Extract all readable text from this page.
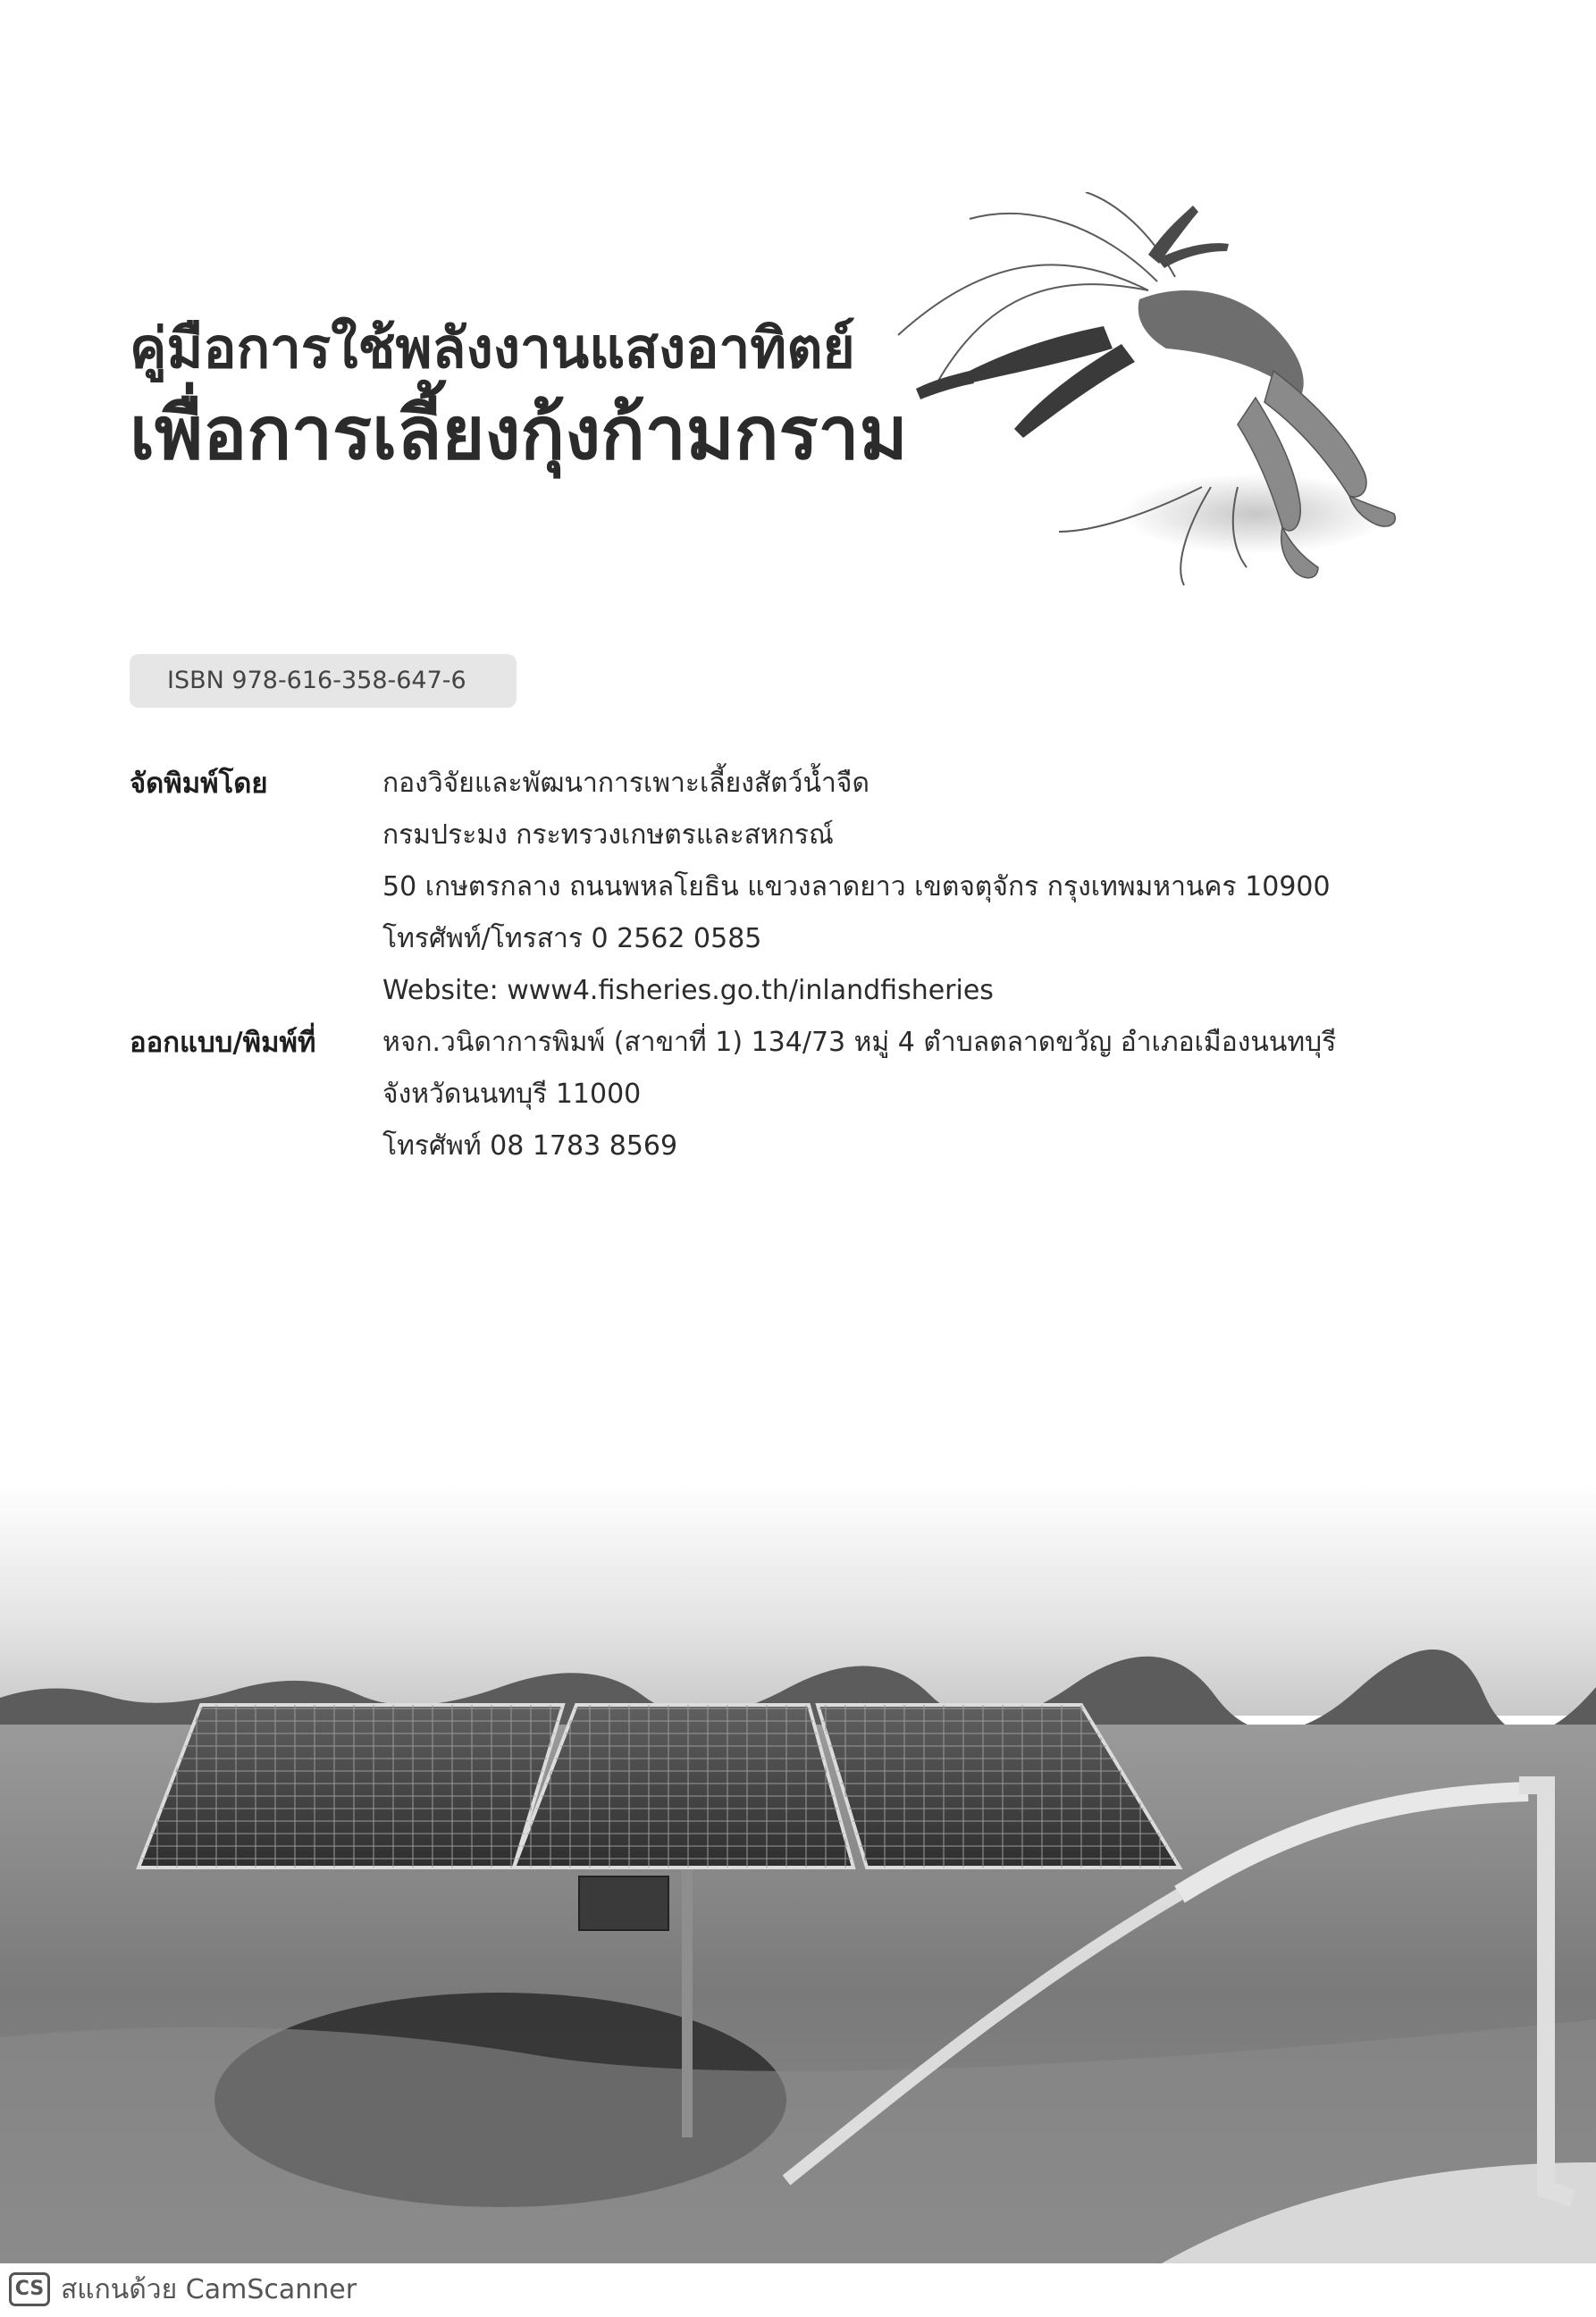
คู่มือการใช้พลังงานแสงอาทิตย์
เพื่อการเลี้ยงกุ้งก้ามกราม
ISBN 978-616-358-647-6
จัดพิมพ์โดย	กองวิจัยและพัฒนาการเพาะเลี้ยงสัตว์น้ำจืด
กรมประมง กระทรวงเกษตรและสหกรณ์
50 เกษตรกลาง ถนนพหลโยธิน แขวงลาดยาว เขตจตุจักร กรุงเทพมหานคร 10900
โทรศัพท์/โทรสาร 0 2562 0585
Website: www4.fisheries.go.th/inlandfisheries
ออกแบบ/พิมพ์ที่	หจก.วนิดาการพิมพ์ (สาขาที่ 1) 134/73 หมู่ 4 ตำบลตลาดขวัญ อำเภอเมืองนนทบุรี
จังหวัดนนทบุรี 11000
โทรศัพท์ 08 1783 8569
CS สแกนด้วย CamScanner
